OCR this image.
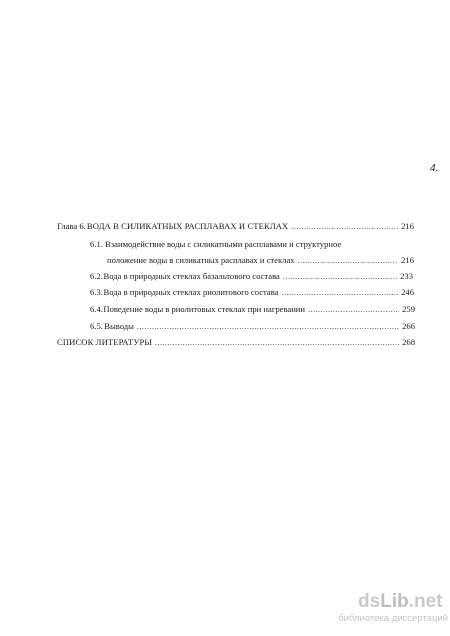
4.
Глава 6. ВОДА В СИЛИКАТНЫХ РАСПЛАВАХ И СТЕКЛАХ .....	216
6.1. Взаимодействие воды с силикатными расплавами и структурное
положение воды в силикатных расплавах и стеклах .....	216
6.2. Вода в природных стеклах базальтового состава .....	233
6.3. Вода в природных стеклах риолитового состава .....	246
6.4. Поведение воды в риолитовых стеклах при нагревании .....	259
6.5. Выводы .....	266
СПИСОК ЛИТЕРАТУРЫ .....	268
dsLib.net
библиотека диссертаций
